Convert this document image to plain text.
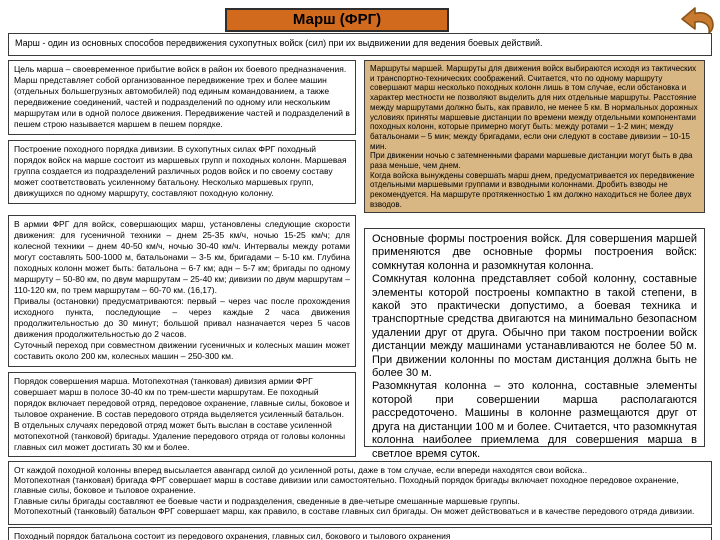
Марш (ФРГ)

Марш - один из основных способов передвижения сухопутных войск (сил) при их выдвижении для ведения боевых действий.

Цель марша – своевременное прибытие войск в район их боевого предназначения. Марш представляет собой организованное передвижение трех и более машин (отдельных большегрузных автомобилей) под единым командованием, а также передвижение соединений, частей и подразделений по одному или нескольким маршрутам или в одной полосе движения. Передвижение частей и подразделений в пешем строю называется маршем в пешем порядке.

Построение походного порядка дивизии. В сухопутных силах ФРГ походный порядок войск на марше состоит из маршевых групп и походных колонн. Маршевая группа создается из подразделений различных родов войск и по своему составу может соответствовать усиленному батальону. Несколько маршевых групп, движущихся по одному маршруту, составляют походную колонну.

В армии ФРГ для войск, совершающих марш, установлены следующие скорости движения: для гусеничной техники – днем 25-35 км/ч, ночью 15-25 км/ч; для колесной техники – днем 40-50 км/ч, ночью 30-40 км/ч. Интервалы между ротами могут составлять 500-1000 м, батальонами – 3-5 км, бригадами – 5-10 км. Глубина походных колонн может быть: батальона – 6-7 км; адн – 5-7 км; бригады по одному маршруту – 50-80 км, по двум маршрутам – 25-40 км; дивизии по двум маршрутам – 110-120 км, по трем маршрутам – 60-70 км. (16,17).

Привалы (остановки) предусматриваются: первый – через час после прохождения исходного пункта, последующие – через каждые 2 часа движения продолжительностью до 30 минут; большой привал назначается через 5 часов движения продолжительностью до 2 часов.

Суточный переход при совместном движении гусеничных и колесных машин может составить около 200 км, колесных машин – 250-300 км.

Порядок совершения марша. Мотопехотная (танковая) дивизия армии ФРГ совершает марш в полосе 30-40 км по трем-шести маршрутам. Ее походный порядок включает передовой отряд, передовое охранение, главные силы, боковое и тыловое охранение. В состав передового отряда выделяется усиленный батальон. В отдельных случаях передовой отряд может быть выслан в составе усиленной мотопехотной (танковой) бригады. Удаление передового отряда от головы колонны главных сил может достигать 30 км и более.

Маршруты маршей. Маршруты для движения войск выбираются исходя из тактических и транспортно-технических соображений. Считается, что по одному маршруту совершают марш несколько походных колонн лишь в том случае, если обстановка и характер местности не позволяют выделить для них отдельные маршруты. Расстояние между маршрутами должно быть, как правило, не менее 5 км. В нормальных дорожных условиях приняты маршевые дистанции по времени между отдельными компонентами походных колонн, которые примерно могут быть: между ротами – 1-2 мин; между батальонами – 5 мин; между бригадами, если они следуют в составе дивизии – 10-15 мин.

При движении ночью с затемненными фарами маршевые дистанции могут быть в два раза меньше, чем днем.

Когда войска вынуждены совершать марш днем, предусматривается их передвижение отдельными маршевыми группами и взводными колоннами. Дробить взводы не рекомендуется. На маршруте протяженностью 1 км должно находиться не более двух взводов.

Основные формы построения войск. Для совершения маршей применяются две основные формы построения войск: сомкнутая колонна и разомкнутая колонна.

Сомкнутая колонна представляет собой колонну, составные элементы которой построены компактно в такой степени, в какой это практически допустимо, а боевая техника и транспортные средства двигаются на минимально безопасном удалении друг от друга. Обычно при таком построении войск дистанции между машинами устанавливаются не более 50 м. При движении колонны по мостам дистанция должна быть не более 30 м.

Разомкнутая колонна – это колонна, составные элементы которой при совершении марша располагаются рассредоточено. Машины в колонне размещаются друг от друга на дистанции 100 м и более. Считается, что разомкнутая колонна наиболее приемлема для совершения марша в светлое время суток.

От каждой походной колонны вперед высылается авангард силой до усиленной роты, даже в том случае, если впереди находятся свои войска..

Мотопехотная (танковая) бригада ФРГ совершает марш в составе дивизии или самостоятельно. Походный порядок бригады включает походное передовое охранение, главные силы, боковое и тыловое охранение.

Главные силы бригады составляют ее боевые части и подразделения, сведенные в две-четыре смешанные маршевые группы.

Мотопехотный (танковый) батальон ФРГ совершает марш, как правило, в составе главных сил бригады. Он может действоваться и в качестве передового отряда дивизии.

Походный порядок батальона состоит из передового охранения, главных сил, бокового и тылового охранения
